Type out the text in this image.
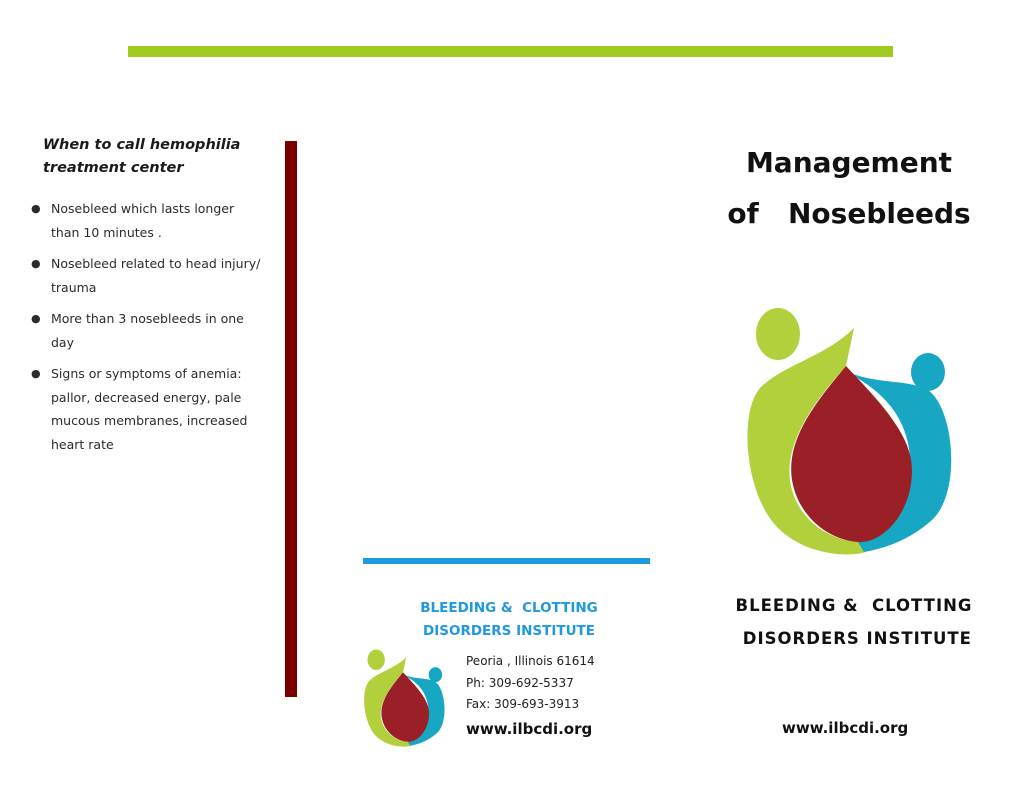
When to call hemophilia
treatment center
● Nosebleed which lasts longer
than 10 minutes .
● Nosebleed related to head injury/
trauma
● More than 3 nosebleeds in one
day
● Signs or symptoms of anemia:
pallor, decreased energy, pale
mucous membranes, increased
heart rate
Management
of   Nosebleeds
BLEEDING &  CLOTTING
DISORDERS INSTITUTE
BLEEDING &  CLOTTING
DISORDERS INSTITUTE
Peoria , Illinois 61614
Ph: 309-692-5337
Fax: 309-693-3913
www.ilbcdi.org	www.ilbcdi.org
